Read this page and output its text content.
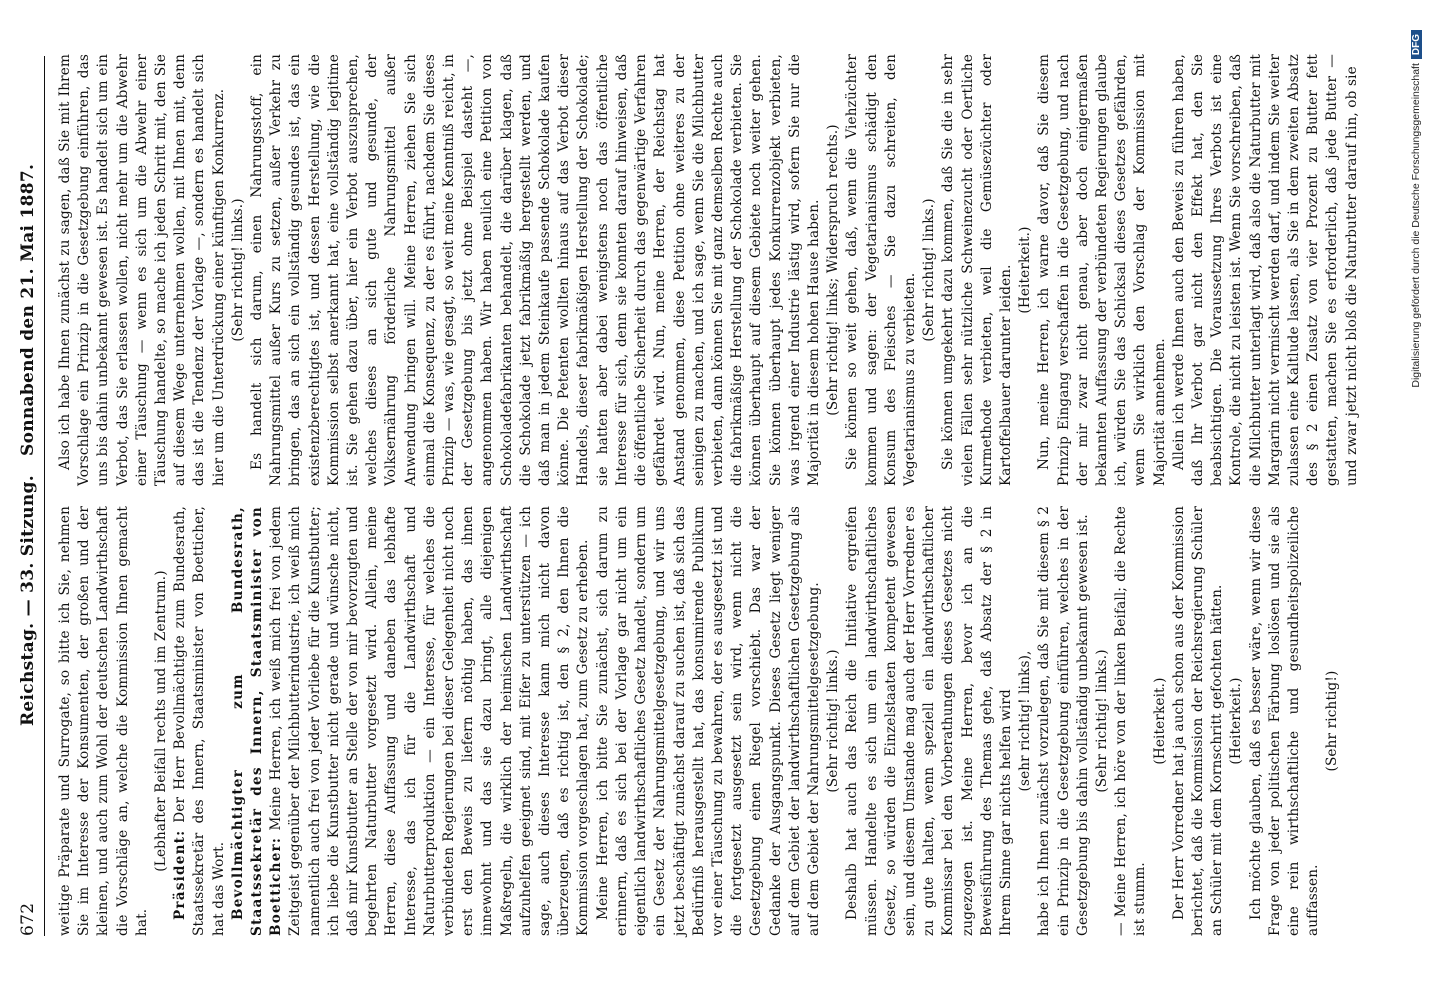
672
Reichstag. — 33. Sitzung.
Sonnabend den 21. Mai 1887.

weitige Präparate und Surrogate, so bitte ich Sie, nehmen Sie im Interesse der Konsumenten, der großen und der kleinen, und auch zum Wohl der deutschen Landwirthschaft die Vorschläge an, welche die Kommission Ihnen gemacht hat.

(Lebhafter Beifall rechts und im Zentrum.)

Präsident: Der Herr Bevollmächtigte zum Bundesrath, Staatssekretär des Innern, Staatsminister von Boetticher, hat das Wort. Bevollmächtigter zum Bundesrath, Staatssekretär des Innern, Staatsminister von Boetticher: Meine Herren, ich weiß mich frei von jedem Zeitgeist gegenüber der Milchbutterindustrie, ich weiß mich namentlich auch frei von jeder Vorliebe für die Kunstbutter; ich liebe die Kunstbutter nicht gerade und wünsche nicht, daß mir Kunstbutter an Stelle der von mir bevorzugten und begehrten Naturbutter vorgesetzt wird. Allein, meine Herren, diese Auffassung und daneben das lebhafte Interesse, das ich für die Landwirthschaft und Naturbutterproduktion — ein Interesse, für welches die verbündeten Regierungen bei dieser Gelegenheit nicht noch erst den Beweis zu liefern nöthig haben, das ihnen innewohnt und das sie dazu bringt, alle diejenigen Maßregeln, die wirklich der heimischen Landwirthschaft aufzuhelfen geeignet sind, mit Eifer zu unterstützen — ich sage, auch dieses Interesse kann mich nicht davon überzeugen, daß es richtig ist, den § 2, den Ihnen die Kommission vorgeschlagen hat, zum Gesetz zu erheben. Meine Herren, ich bitte Sie zunächst, sich darum zu erinnern, daß es sich bei der Vorlage gar nicht um ein eigentlich landwirthschaftliches Gesetz handelt, sondern um ein Gesetz der Nahrungsmittelgesetzgebung, und wir uns jetzt beschäftigt zunächst darauf zu suchen ist, daß sich das Bedürfniß herausgestellt hat, das konsumirende Publikum vor einer Täuschung zu bewahren, der es ausgesetzt ist und die fortgesetzt ausgesetzt sein wird, wenn nicht die Gesetzgebung einen Riegel vorschiebt. Das war der Gedanke der Ausgangspunkt. Dieses Gesetz liegt weniger auf dem Gebiet der landwirthschaftlichen Gesetzgebung als auf dem Gebiet der Nahrungsmittelgesetzgebung. (Sehr richtig! links.) Deshalb hat auch das Reich die Initiative ergreifen müssen. Handelte es sich um ein landwirthschaftliches Gesetz, so würden die Einzelstaaten kompetent gewesen sein, und diesem Umstande mag auch der Herr Vorredner es zu gute halten, wenn speziell ein landwirthschaftlicher Kommissar bei den Vorberathungen dieses Gesetzes nicht zugezogen ist. Meine Herren, bevor ich an die Beweisführung des Themas gehe, daß Absatz der § 2 in Ihrem Sinne gar nichts helfen wird (sehr richtig! links), habe ich Ihnen zunächst vorzulegen, daß Sie mit diesem § 2 ein Prinzip in die Gesetzgebung einführen, welches in der Gesetzgebung bis dahin vollständig unbekannt gewesen ist. (Sehr richtig! links.) — Meine Herren, ich höre von der linken Beifall; die Rechte ist stumm.

(Heiterkeit.) Der Herr Vorredner hat ja auch schon aus der Kommission berichtet, daß die Kommission der Reichsregierung Schüler an Schüler mit dem Kornschritt gefochten hätten. (Heiterkeit.) Ich möchte glauben, daß es besser wäre, wenn wir diese Frage von jeder politischen Färbung loslösen und sie als eine rein wirthschaftliche und gesundheitspolizeiliche auffassen.

(Sehr richtig!)

Also ich habe Ihnen zunächst zu sagen, daß Sie mit Ihrem Vorschlage ein Prinzip in die Gesetzgebung einführen, das uns bis dahin unbekannt gewesen ist. Es handelt sich um ein Verbot, das Sie erlassen wollen, nicht mehr um die Abwehr einer Täuschung — wenn es sich um die Abwehr einer Täuschung handelte, so mache ich jeden Schritt mit, den Sie auf diesem Wege unternehmen wollen, mit Ihnen mit, denn das ist die Tendenz der Vorlage —, sondern es handelt sich hier um die Unterdrückung einer künftigen Konkurrenz. (Sehr richtig! links.) Es handelt sich darum, einen Nahrungsstoff, ein Nahrungsmittel außer Kurs zu setzen, außer Verkehr zu bringen, das an sich ein vollständig gesundes ist, das ein existenzberechtigtes ist, und dessen Herstellung, wie die Kommission selbst anerkannt hat, eine vollständig legitime ist. Sie gehen dazu über, hier ein Verbot auszusprechen, welches dieses an sich gute und gesunde, der Volksernährung förderliche Nahrungsmittel außer Anwendung bringen will. Meine Herren, ziehen Sie sich einmal die Konsequenz, zu der es führt, nachdem Sie dieses Prinzip — was, wie gesagt, so weit meine Kenntniß reicht, in der Gesetzgebung bis jetzt ohne Beispiel dasteht —, angenommen haben. Wir haben neulich eine Petition von Schokoladefabrikanten behandelt, die darüber klagen, daß die Schokolade jetzt fabrikmäßig hergestellt werden, und daß man in jedem Steinkaufe passende Schokolade kaufen könne. Die Petenten wollten hinaus auf das Verbot dieser Handels, dieser fabrikmäßigen Herstellung der Schokolade; sie hatten aber dabei wenigstens noch das öffentliche Interesse für sich, denn sie konnten darauf hinweisen, daß die öffentliche Sicherheit durch das gegenwärtige Verfahren gefährdet wird. Nun, meine Herren, der Reichstag hat Anstand genommen, diese Petition ohne weiteres zu der seinigen zu machen, und ich sage, wenn Sie die Milchbutter verbieten, dann können Sie mit ganz demselben Rechte auch die fabrikmäßige Herstellung der Schokolade verbieten. Sie können überhaupt auf diesem Gebiete noch weiter gehen. Sie können überhaupt jedes Konkurrenzobjekt verbieten, was irgend einer Industrie lästig wird, sofern Sie nur die Majorität in diesem hohen Hause haben. (Sehr richtig! links; Widerspruch rechts.) Sie können so weit gehen, daß, wenn die Viehzüchter kommen und sagen: der Vegetarianismus schädigt den Konsum des Fleisches — Sie dazu schreiten, den Vegetarianismus zu verbieten.

(Sehr richtig! links.) Sie können umgekehrt dazu kommen, daß Sie die in sehr vielen Fällen sehr nützliche Schweinezucht oder Oertliche Kurmethode verbieten, weil die Gemüsezüchter oder Kartoffelbauer darunter leiden. (Heiterkeit.) Nun, meine Herren, ich warne davor, daß Sie diesem Prinzip Eingang verschaffen in die Gesetzgebung, und nach der mir zwar nicht genau, aber doch einigermaßen bekannten Auffassung der verbündeten Regierungen glaube ich, würden Sie das Schicksal dieses Gesetzes gefährden, wenn Sie wirklich den Vorschlag der Kommission mit Majorität annehmen. Allein ich werde Ihnen auch den Beweis zu führen haben, daß Ihr Verbot gar nicht den Effekt hat, den Sie beabsichtigen. Die Voraussetzung Ihres Verbots ist eine Kontrole, die nicht zu leisten ist. Wenn Sie vorschreiben, daß die Milchbutter unterlagt wird, daß also die Naturbutter mit Margarin nicht vermischt werden darf, und indem Sie weiter zulassen eine Kaltlude lassen, als Sie in dem zweiten Absatz des § 2 einen Zusatz von vier Prozent zu Butter fett gestatten, machen Sie es erforderlich, daß jede Butter — und zwar jetzt nicht bloß die Naturbutter darauf hin, ob sie	Digitalisierung gefördert durch die Deutsche ForschungsgemeinschaftDFG
